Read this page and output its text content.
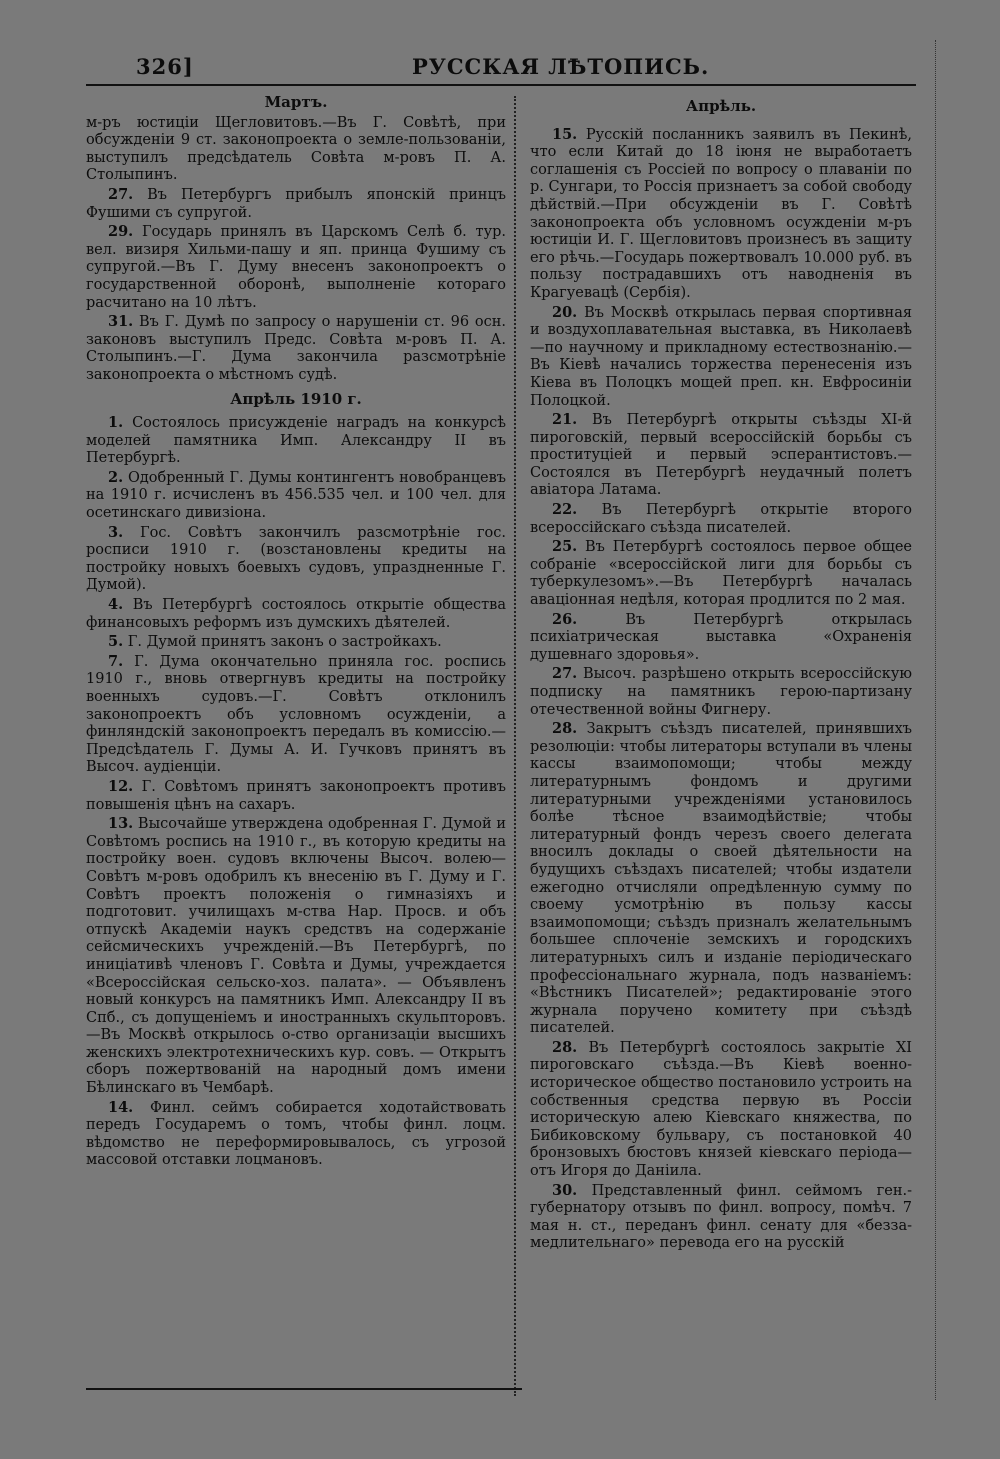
326]	РУССКАЯ ЛѢТОПИСЬ.
Мартъ.

м-ръ юстиціи Щегловитовъ.—Въ Г. Совѣтѣ, при обсужденіи 9 ст. законопроекта о земле-пользованіи, выступилъ предсѣдатель Совѣта м-ровъ П. А. Столыпинъ.

27. Въ Петербургъ прибылъ японскій принцъ Фушими съ супругой.

29. Государь принялъ въ Царскомъ Селѣ б. тур. вел. визиря Хильми-пашу и яп. принца Фушиму съ супругой.—Въ Г. Думу внесенъ законопроектъ о государственной оборонѣ, выполненіе котораго расчитано на 10 лѣтъ.

31. Въ Г. Думѣ по запросу о нарушеніи ст. 96 осн. законовъ выступилъ Предс. Совѣта м-ровъ П. А. Столыпинъ.—Г. Дума закончила разсмотрѣніе законопроекта о мѣстномъ судѣ.

Апрѣль 1910 г.

1. Состоялось присужденіе наградъ на конкурсѣ моделей памятника Имп. Александру II въ Петербургѣ.

2. Одобренный Г. Думы контингентъ новобранцевъ на 1910 г. исчисленъ въ 456.535 чел. и 100 чел. для осетинскаго дивизіона.

3. Гос. Совѣтъ закончилъ разсмотрѣніе гос. росписи 1910 г. (возстановлены кредиты на постройку новыхъ боевыхъ судовъ, упраздненные Г. Думой).

4. Въ Петербургѣ состоялось открытіе общества финансовыхъ реформъ изъ думскихъ дѣятелей.

5. Г. Думой принятъ законъ о застройкахъ.

7. Г. Дума окончательно приняла гос. роспись 1910 г., вновь отвергнувъ кредиты на постройку военныхъ судовъ.—Г. Совѣтъ отклонилъ законопроектъ объ условномъ осужденіи, а финляндскій законопроектъ передалъ въ комиссію.—Предсѣдатель Г. Думы А. И. Гучковъ принятъ въ Высоч. аудіенціи.

12. Г. Совѣтомъ принятъ законопроектъ противъ повышенія цѣнъ на сахаръ.

13. Высочайше утверждена одобренная Г. Думой и Совѣтомъ роспись на 1910 г., въ которую кредиты на постройку воен. судовъ включены Высоч. волею—Совѣтъ м-ровъ одобрилъ къ внесенію въ Г. Думу и Г. Совѣтъ проектъ положенія о гимназіяхъ и подготовит. училищахъ м-ства Нар. Просв. и объ отпускѣ Академіи наукъ средствъ на содержаніе сейсмическихъ учрежденій.—Въ Петербургѣ, по иниціативѣ членовъ Г. Совѣта и Думы, учреждается «Всероссійская сельско-хоз. палата». — Объявленъ новый конкурсъ на памятникъ Имп. Александру II въ Спб., съ допущеніемъ и иностранныхъ скульпторовъ.—Въ Москвѣ открылось о-ство организаціи высшихъ женскихъ электротехническихъ кур. совъ. — Открытъ сборъ пожертвованій на народный домъ имени Бѣлинскаго въ Чембарѣ.

14. Финл. сеймъ собирается ходотайствовать передъ Государемъ о томъ, чтобы финл. лоцм. вѣдомство не переформировывалось, съ угрозой массовой отставки лоцмановъ.

Апрѣль.

15. Русскій посланникъ заявилъ въ Пекинѣ, что если Китай до 18 іюня не выработаетъ соглашенія съ Россіей по вопросу о плаваніи по р. Сунгари, то Россія признаетъ за собой свободу дѣйствій.—При обсужденіи въ Г. Совѣтѣ законопроекта объ условномъ осужденіи м-ръ юстиціи И. Г. Щегловитовъ произнесъ въ защиту его рѣчь.—Государь пожертвовалъ 10.000 руб. въ пользу пострадавшихъ отъ наводненія въ Крагуевацѣ (Сербія).

20. Въ Москвѣ открылась первая спортивная и воздухоплавательная выставка, въ Николаевѣ—по научному и прикладному естествознанію.—Въ Кіевѣ начались торжества перенесенія изъ Кіева въ Полоцкъ мощей преп. кн. Евфросиніи Полоцкой.

21. Въ Петербургѣ открыты съѣзды XI-й пироговскій, первый всероссійскій борьбы съ проституціей и первый эсперантистовъ.—Состоялся въ Петербургѣ неудачный полетъ авіатора Латама.

22. Въ Петербургѣ открытіе второго всероссійскаго съѣзда писателей.

25. Въ Петербургѣ состоялось первое общее собраніе «всероссійской лиги для борьбы съ туберкулезомъ».—Въ Петербургѣ началась аваціонная недѣля, которая продлится по 2 мая.

26.	Въ Петербургѣ открылась психіатрическая выставка «Охраненія душевнаго здоровья».

27. Высоч. разрѣшено открыть всероссійскую подписку на памятникъ герою-партизану отечественной войны Фигнеру.

28. Закрытъ съѣздъ писателей, принявшихъ резолюціи: чтобы литераторы вступали въ члены кассы взаимопомощи; чтобы между литературнымъ фондомъ и другими литературными учрежденіями установилось болѣе тѣсное взаимодѣйствіе; чтобы литературный фондъ черезъ своего делегата вносилъ доклады о своей дѣятельности на будущихъ съѣздахъ писателей; чтобы издатели ежегодно отчисляли опредѣленную сумму по своему усмотрѣнію въ пользу кассы взаимопомощи; съѣздъ призналъ желательнымъ большее сплоченіе земскихъ и городскихъ литературныхъ силъ и изданіе періодическаго профессіональнаго журнала, подъ названіемъ: «Вѣстникъ Писателей»; редактированіе этого журнала поручено комитету при съѣздѣ писателей.

28. Въ Петербургѣ состоялось закрытіе XI пироговскаго съѣзда.—Въ Кіевѣ военно-историческое общество постановило устроить на собственныя средства первую въ Россіи историческую алею Кіевскаго княжества, по Бибиковскому бульвару, съ постановкой 40 бронзовыхъ бюстовъ князей кіевскаго періода—отъ Игоря до Даніила.

30. Представленный финл. сеймомъ ген.-губернатору отзывъ по финл. вопросу, помѣч. 7 мая н. ст., переданъ финл. сенату для «безза-медлительнаго» перевода его на русскій
